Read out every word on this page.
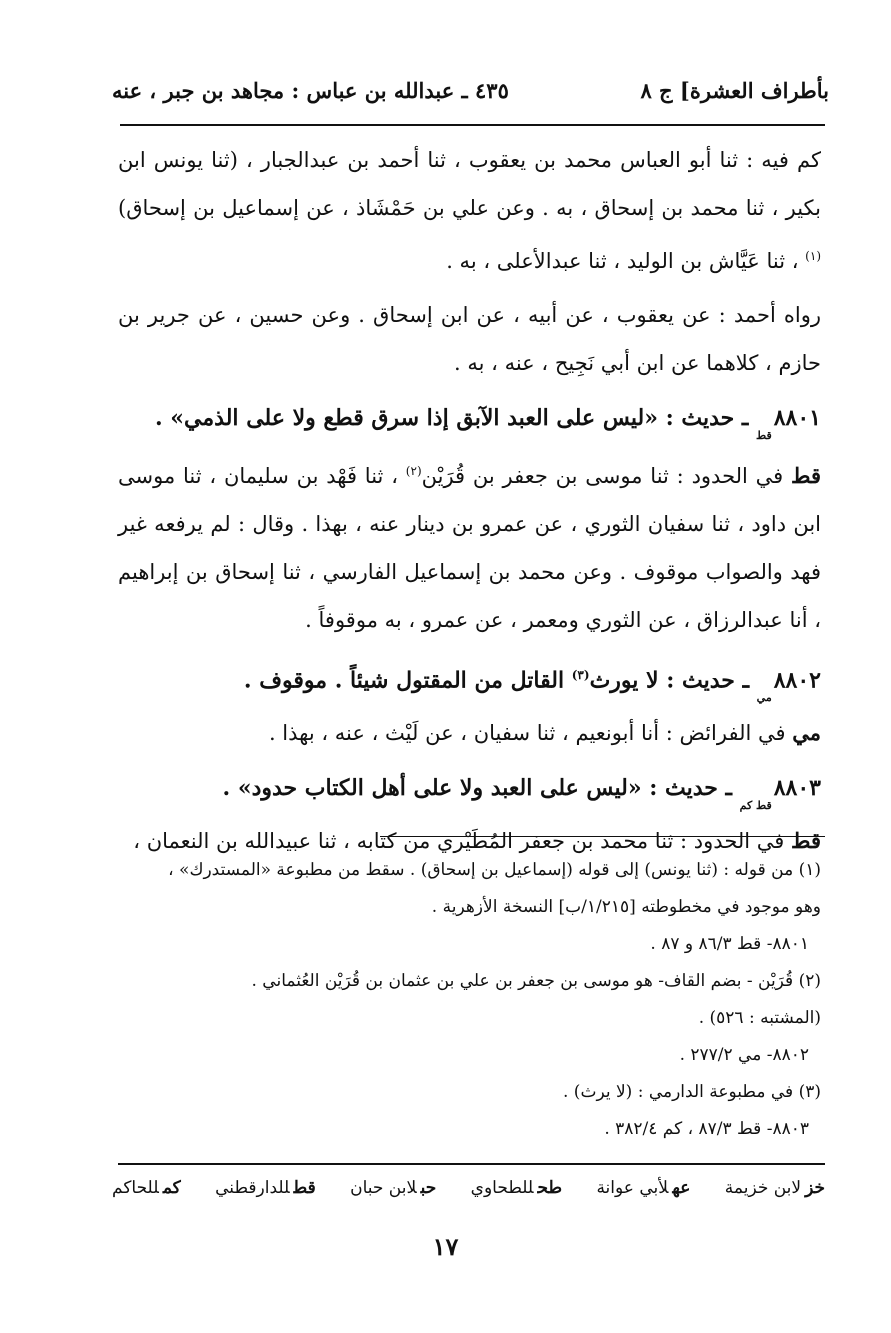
بأطراف العشرة] ج ٨
٤٣٥ ـ عبدالله بن عباس : مجاهد بن جبر ، عنه

كم فيه : ثنا أبو العباس محمد بن يعقوب ، ثنا أحمد بن عبدالجبار ، (ثنا يونس ابن بكير ، ثنا محمد بن إسحاق ، به . وعن علي بن حَمْشَاذ ، عن إسماعيل بن إسحاق)$^{(١)}$ ، ثنا عَيَّاش بن الوليد ، ثنا عبدالأعلى ، به .

رواه أحمد : عن يعقوب ، عن أبيه ، عن ابن إسحاق . وعن حسين ، عن جرير بن حازم ، كلاهما عن ابن أبي نَجِيح ، عنه ، به .

$٨٨٠١_{قط}$ ـ حديث : «ليس على العبد الآبق إذا سرق قطع ولا على الذمي» .

قط في الحدود : ثنا موسى بن جعفر بن قُرَيْن$^{(٢)}$ ، ثنا فَهْد بن سليمان ، ثنا موسى ابن داود ، ثنا سفيان الثوري ، عن عمرو بن دينار عنه ، بهذا . وقال : لم يرفعه غير فهد والصواب موقوف . وعن محمد بن إسماعيل الفارسي ، ثنا إسحاق بن إبراهيم ، أنا عبدالرزاق ، عن الثوري ومعمر ، عن عمرو ، به موقوفاً .

$٨٨٠٢_{مي}$ ـ حديث : لا يورث$^{(٣)}$ القاتل من المقتول شيئاً . موقوف .

مي في الفرائض : أنا أبونعيم ، ثنا سفيان ، عن لَيْث ، عنه ، بهذا .

$٨٨٠٣_{قط كم}$ ـ حديث : «ليس على العبد ولا على أهل الكتاب حدود» .

قط في الحدود : ثنا محمد بن جعفر المُطَيْري من كتابه ، ثنا عبيدالله بن النعمان ،

(١) من قوله : (ثنا يونس) إلى قوله (إسماعيل بن إسحاق) . سقط من مطبوعة «المستدرك» ،

وهو موجود في مخطوطته [١/٢١٥/ب] النسخة الأزهرية .

٨٨٠١- قط ٨٦/٣ و ٨٧ .

(٢) قُرَيْن - بضم القاف- هو موسى بن جعفر بن علي بن عثمان بن قُرَيْن العُثماني .

(المشتبه : ٥٢٦) .

٨٨٠٢- مي ٢٧٧/٢ .

(٣) في مطبوعة الدارمي : (لا يرث) .

٨٨٠٣- قط ٨٧/٣ ، كم ٣٨٢/٤ .

خزلابن خزيمة
عهلأبي عوانة
طحللطحاوي
حبلابن حبان
قطللدارقطني
كمللحاكم
١٧
